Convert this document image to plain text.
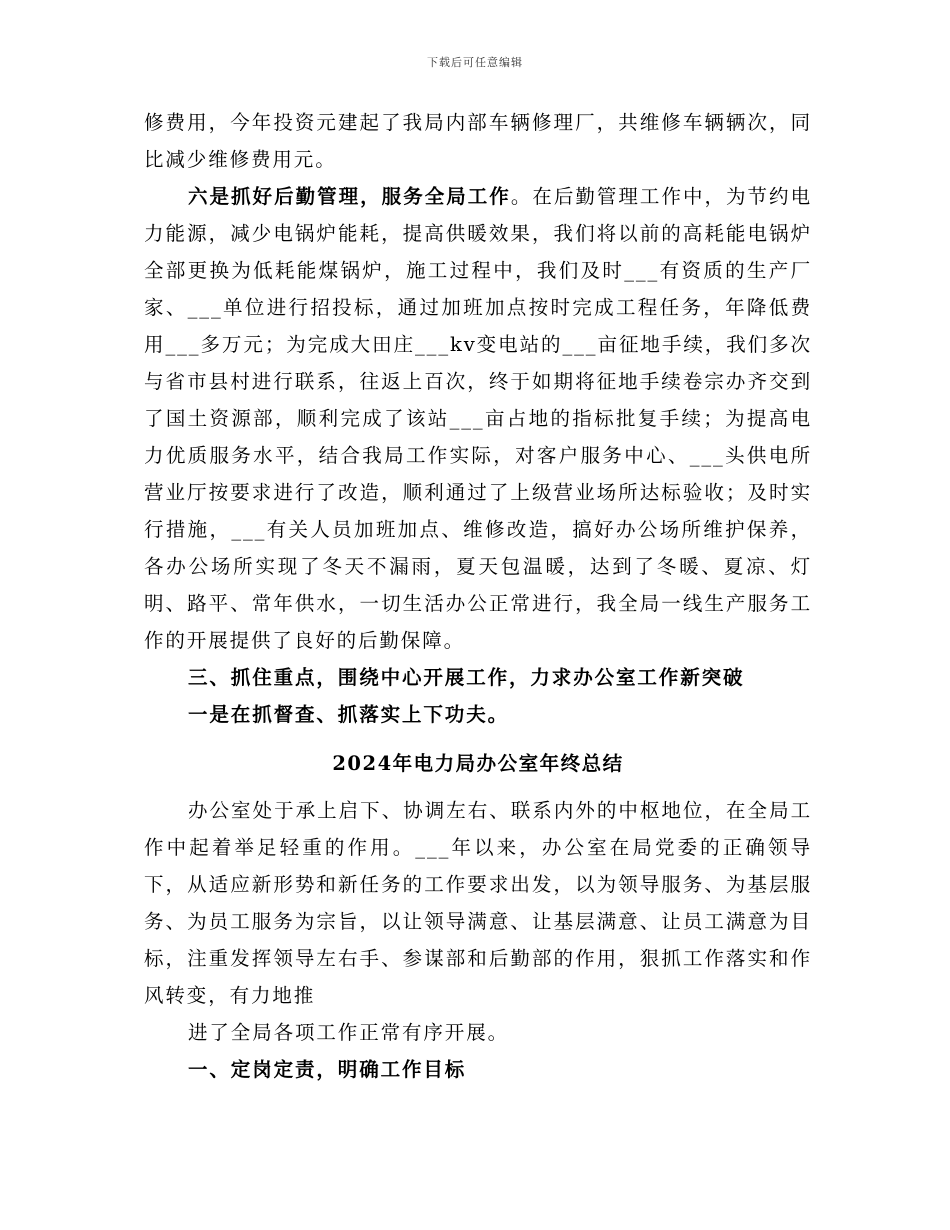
下载后可任意编辑

修费用，今年投资元建起了我局内部车辆修理厂，共维修车辆辆次，同比减少维修费用元。

六是抓好后勤管理，服务全局工作。在后勤管理工作中，为节约电力能源，减少电锅炉能耗，提高供暖效果，我们将以前的高耗能电锅炉全部更换为低耗能煤锅炉，施工过程中，我们及时___有资质的生产厂家、___单位进行招投标，通过加班加点按时完成工程任务，年降低费用___多万元；为完成大田庄___kv变电站的___亩征地手续，我们多次与省市县村进行联系，往返上百次，终于如期将征地手续卷宗办齐交到了国土资源部，顺利完成了该站___亩占地的指标批复手续；为提高电力优质服务水平，结合我局工作实际，对客户服务中心、___头供电所营业厅按要求进行了改造，顺利通过了上级营业场所达标验收；及时实行措施，___有关人员加班加点、维修改造，搞好办公场所维护保养，各办公场所实现了冬天不漏雨，夏天包温暖，达到了冬暖、夏凉、灯明、路平、常年供水，一切生活办公正常进行，我全局一线生产服务工作的开展提供了良好的后勤保障。

三、抓住重点，围绕中心开展工作，力求办公室工作新突破

一是在抓督查、抓落实上下功夫。

2024年电力局办公室年终总结

办公室处于承上启下、协调左右、联系内外的中枢地位，在全局工作中起着举足轻重的作用。___年以来，办公室在局党委的正确领导下，从适应新形势和新任务的工作要求出发，以为领导服务、为基层服务、为员工服务为宗旨，以让领导满意、让基层满意、让员工满意为目标，注重发挥领导左右手、参谋部和后勤部的作用，狠抓工作落实和作风转变，有力地推

进了全局各项工作正常有序开展。

一、定岗定责，明确工作目标
